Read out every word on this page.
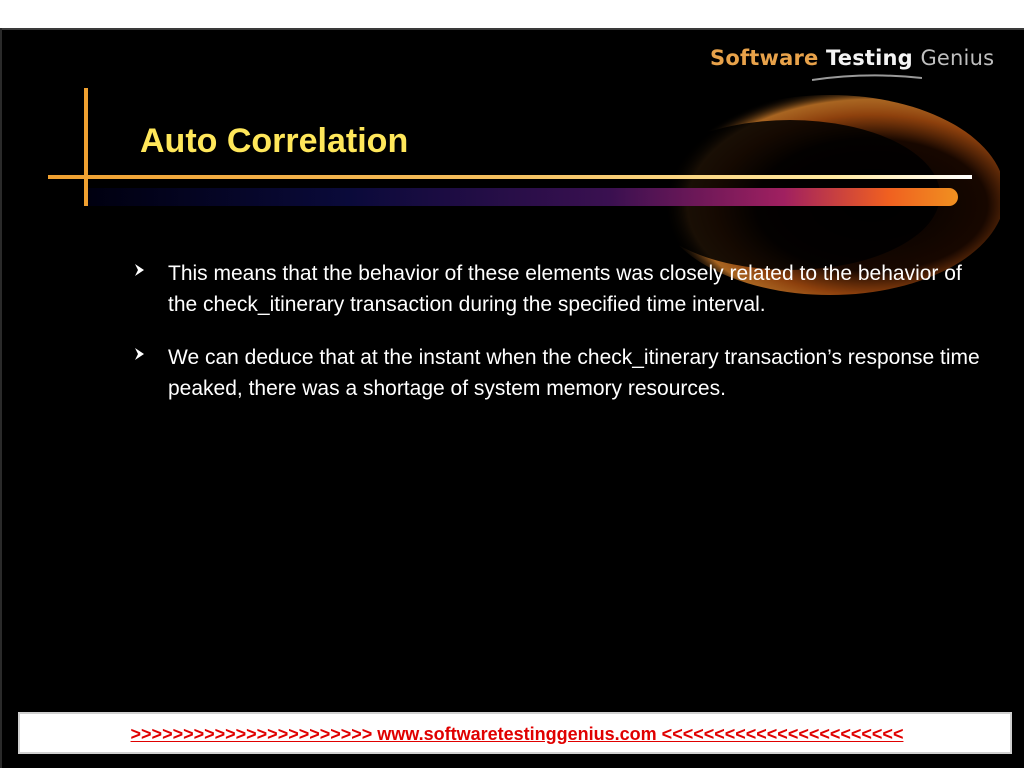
Software Testing Genius
Auto Correlation
This means that the behavior of these elements was closely related to the behavior of the check_itinerary transaction during the specified time interval.
We can deduce that at the instant when the check_itinerary transaction’s response time peaked, there was a shortage of system memory resources.
>>>>>>>>>>>>>>>>>>>>>>> www.softwaretestinggenius.com <<<<<<<<<<<<<<<<<<<<<<<
